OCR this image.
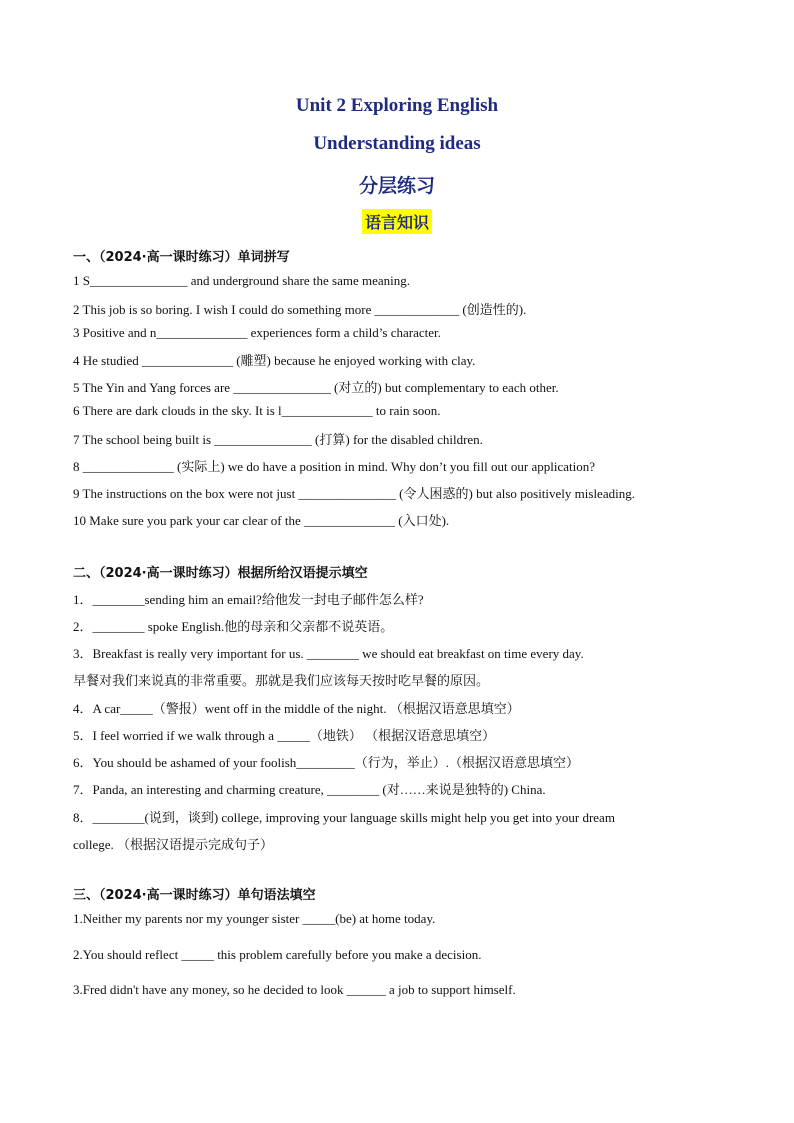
Unit 2 Exploring English
Understanding ideas
分层练习
语言知识
一、（2024·高一课时练习）单词拼写
1 S_______________ and underground share the same meaning.
2 This job is so boring. I wish I could do something more _____________ (创造性的).
3 Positive and n______________ experiences form a child’s character.
4 He studied ______________ (雕塑) because he enjoyed working with clay.
5 The Yin and Yang forces are _______________ (对立的) but complementary to each other.
6 There are dark clouds in the sky. It is l______________ to rain soon.
7 The school being built is _______________ (打算) for the disabled children.
8 ______________ (实际上) we do have a position in mind. Why don’t you fill out our application?
9 The instructions on the box were not just _______________ (令人困惑的) but also positively misleading.
10 Make sure you park your car clear of the ______________ (入口处).
二、（2024·高一课时练习）根据所给汉语提示填空
1．________sending him an email?给他发一封电子邮件怎么样?
2．________ spoke English.他的母亲和父亲都不说英语。
3．Breakfast is really very important for us. ________ we should eat breakfast on time every day.
早餐对我们来说真的非常重要。那就是我们应该每天按时吃早餐的原因。
4．A car_____（警报）went off in the middle of the night. （根据汉语意思填空）
5．I feel worried if we walk through a _____（地铁） （根据汉语意思填空）
6．You should be ashamed of your foolish_________（行为，举止）.（根据汉语意思填空）
7．Panda, an interesting and charming creature, ________ (对……来说是独特的) China.
8．________(说到，谈到) college, improving your language skills might help you get into your dream
college. （根据汉语提示完成句子）
三、（2024·高一课时练习）单句语法填空
1.Neither my parents nor my younger sister _____(be) at home today.
2.You should reflect _____ this problem carefully before you make a decision.
3.Fred didn't have any money, so he decided to look ______ a job to support himself.
